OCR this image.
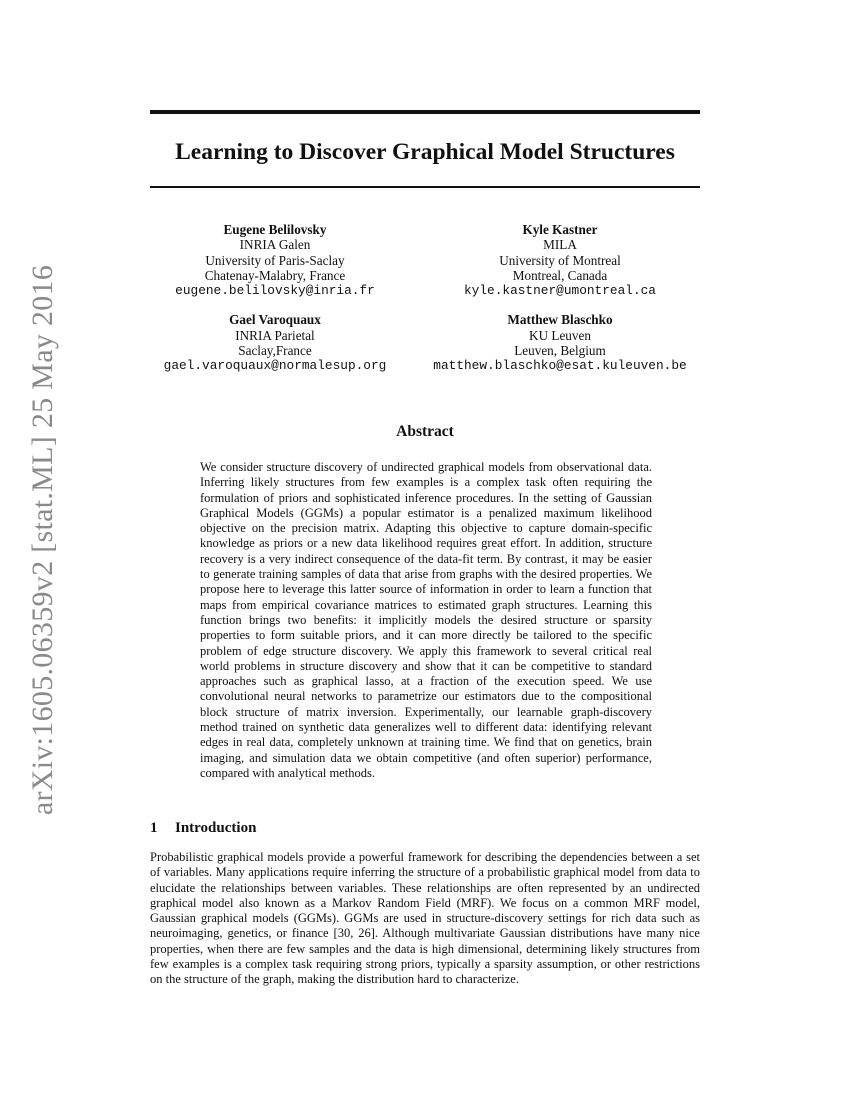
arXiv:1605.06359v2 [stat.ML] 25 May 2016
Learning to Discover Graphical Model Structures
Eugene Belilovsky
INRIA Galen
University of Paris-Saclay
Chatenay-Malabry, France
eugene.belilovsky@inria.fr
Kyle Kastner
MILA
University of Montreal
Montreal, Canada
kyle.kastner@umontreal.ca
Gael Varoquaux
INRIA Parietal
Saclay,France
gael.varoquaux@normalesup.org
Matthew Blaschko
KU Leuven
Leuven, Belgium
matthew.blaschko@esat.kuleuven.be
Abstract
We consider structure discovery of undirected graphical models from observational data. Inferring likely structures from few examples is a complex task often requiring the formulation of priors and sophisticated inference procedures. In the setting of Gaussian Graphical Models (GGMs) a popular estimator is a penalized maximum likelihood objective on the precision matrix. Adapting this objective to capture domain-specific knowledge as priors or a new data likelihood requires great effort. In addition, structure recovery is a very indirect consequence of the data-fit term. By contrast, it may be easier to generate training samples of data that arise from graphs with the desired properties. We propose here to leverage this latter source of information in order to learn a function that maps from empirical covariance matrices to estimated graph structures. Learning this function brings two benefits: it implicitly models the desired structure or sparsity properties to form suitable priors, and it can more directly be tailored to the specific problem of edge structure discovery. We apply this framework to several critical real world problems in structure discovery and show that it can be competitive to standard approaches such as graphical lasso, at a fraction of the execution speed. We use convolutional neural networks to parametrize our estimators due to the compositional block structure of matrix inversion. Experimentally, our learnable graph-discovery method trained on synthetic data generalizes well to different data: identifying relevant edges in real data, completely unknown at training time. We find that on genetics, brain imaging, and simulation data we obtain competitive (and often superior) performance, compared with analytical methods.
1 Introduction
Probabilistic graphical models provide a powerful framework for describing the dependencies between a set of variables. Many applications require inferring the structure of a probabilistic graphical model from data to elucidate the relationships between variables. These relationships are often represented by an undirected graphical model also known as a Markov Random Field (MRF). We focus on a common MRF model, Gaussian graphical models (GGMs). GGMs are used in structure-discovery settings for rich data such as neuroimaging, genetics, or finance [30, 26]. Although multivariate Gaussian distributions have many nice properties, when there are few samples and the data is high dimensional, determining likely structures from few examples is a complex task requiring strong priors, typically a sparsity assumption, or other restrictions on the structure of the graph, making the distribution hard to characterize.
